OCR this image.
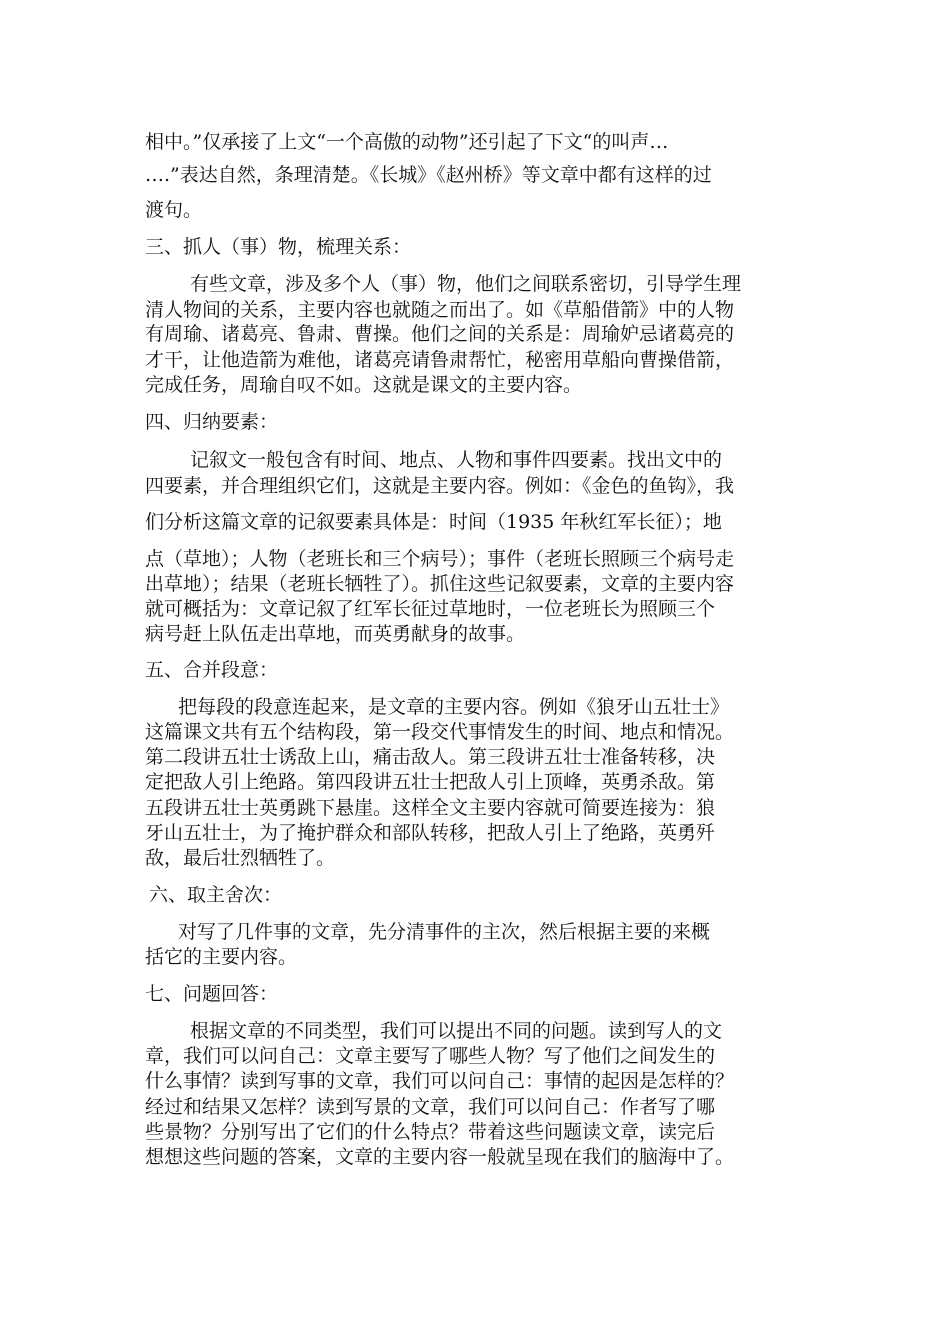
相中。”仅承接了上文“一个高傲的动物”还引起了下文“的叫声…
….”表达自然，条理清楚。《长城》《赵州桥》等文章中都有这样的过
渡句。
三、抓人（事）物，梳理关系：
有些文章，涉及多个人（事）物，他们之间联系密切，引导学生理
清人物间的关系，主要内容也就随之而出了。如《草船借箭》中的人物
有周瑜、诸葛亮、鲁肃、曹操。他们之间的关系是：周瑜妒忌诸葛亮的
才干，让他造箭为难他，诸葛亮请鲁肃帮忙，秘密用草船向曹操借箭，
完成任务，周瑜自叹不如。这就是课文的主要内容。
四、归纳要素：
记叙文一般包含有时间、地点、人物和事件四要素。找出文中的
四要素，并合理组织它们，这就是主要内容。例如：《金色的鱼钩》，我
们分析这篇文章的记叙要素具体是：时间（1935 年秋红军长征）；地
点（草地）；人物（老班长和三个病号）；事件（老班长照顾三个病号走
出草地）；结果（老班长牺牲了）。抓住这些记叙要素，文章的主要内容
就可概括为：文章记叙了红军长征过草地时，一位老班长为照顾三个
病号赶上队伍走出草地，而英勇献身的故事。
五、合并段意：
把每段的段意连起来，是文章的主要内容。例如《狼牙山五壮士》
这篇课文共有五个结构段，第一段交代事情发生的时间、地点和情况。
第二段讲五壮士诱敌上山，痛击敌人。第三段讲五壮士准备转移，决
定把敌人引上绝路。第四段讲五壮士把敌人引上顶峰，英勇杀敌。第
五段讲五壮士英勇跳下悬崖。这样全文主要内容就可简要连接为：狼
牙山五壮士，为了掩护群众和部队转移，把敌人引上了绝路，英勇歼
敌，最后壮烈牺牲了。
六、取主舍次：
对写了几件事的文章，先分清事件的主次，然后根据主要的来概
括它的主要内容。
七、问题回答：
根据文章的不同类型，我们可以提出不同的问题。读到写人的文
章，我们可以问自己：文章主要写了哪些人物？写了他们之间发生的
什么事情？读到写事的文章，我们可以问自己：事情的起因是怎样的？
经过和结果又怎样？读到写景的文章，我们可以问自己：作者写了哪
些景物？分别写出了它们的什么特点？带着这些问题读文章，读完后
想想这些问题的答案，文章的主要内容一般就呈现在我们的脑海中了。
